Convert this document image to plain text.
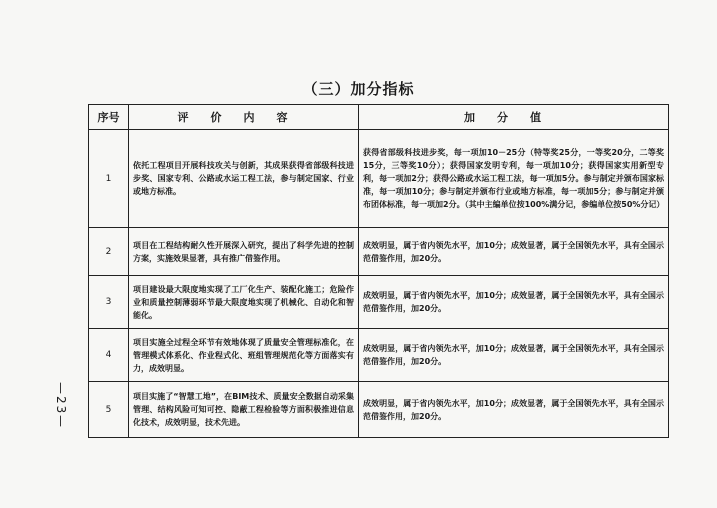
（三）加分指标
序号	评价内容	加分值
1	依托工程项目开展科技攻关与创新，其成果获得省部级科技进步奖、国家专利、公路或水运工程工法，参与制定国家、行业或地方标准。	获得省部级科技进步奖，每一项加10－25分（特等奖25分，一等奖20分，二等奖15分，三等奖10分）；获得国家发明专利，每一项加10分；获得国家实用新型专利，每一项加2分；获得公路或水运工程工法，每一项加5分。参与制定并颁布国家标准，每一项加10分；参与制定并颁布行业或地方标准，每一项加5分；参与制定并颁布团体标准，每一项加2分。（其中主编单位按100%满分记，参编单位按50%分记）
2	项目在工程结构耐久性开展深入研究，提出了科学先进的控制方案，实施效果显著，具有推广借鉴作用。	成效明显，属于省内领先水平，加10分；成效显著，属于全国领先水平，具有全国示范借鉴作用，加20分。
3	项目建设最大限度地实现了工厂化生产、装配化施工；危险作业和质量控制薄弱环节最大限度地实现了机械化、自动化和智能化。	成效明显，属于省内领先水平，加10分；成效显著，属于全国领先水平，具有全国示范借鉴作用，加20分。
4	项目实施全过程全环节有效地体现了质量安全管理标准化，在管理模式体系化、作业程式化、班组管理规范化等方面落实有力，成效明显。	成效明显，属于省内领先水平，加10分；成效显著，属于全国领先水平，具有全国示范借鉴作用，加20分。
5	项目实施了“智慧工地”，在BIM技术、质量安全数据自动采集管理、结构风险可知可控、隐蔽工程检验等方面积极推进信息化技术，成效明显，技术先进。	成效明显，属于省内领先水平，加10分；成效显著，属于全国领先水平，具有全国示范借鉴作用，加20分。
— 23 —
